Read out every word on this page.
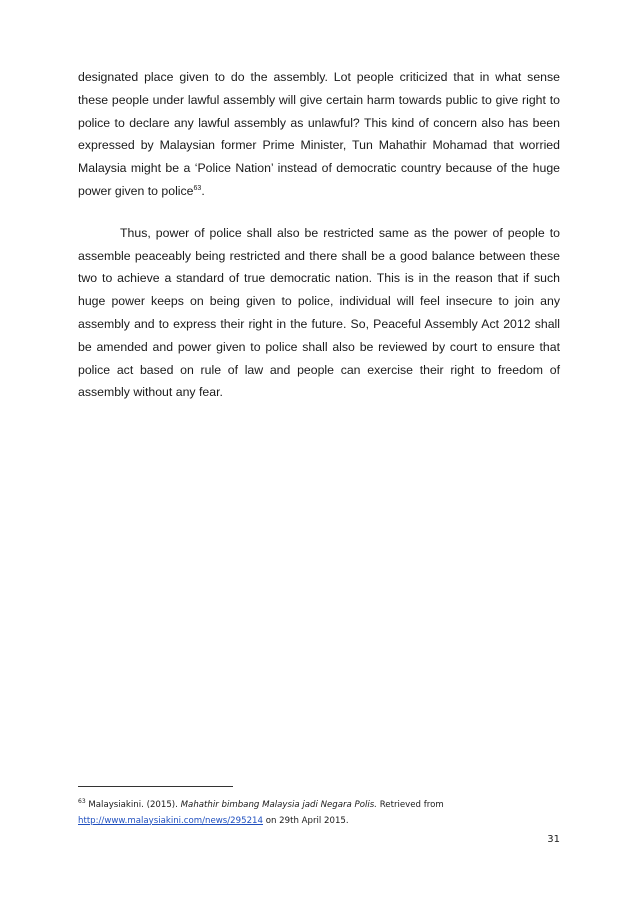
designated place given to do the assembly. Lot people criticized that in what sense these people under lawful assembly will give certain harm towards public to give right to police to declare any lawful assembly as unlawful? This kind of concern also has been expressed by Malaysian former Prime Minister, Tun Mahathir Mohamad that worried Malaysia might be a ‘Police Nation’ instead of democratic country because of the huge power given to police$^{63}$.

Thus, power of police shall also be restricted same as the power of people to assemble peaceably being restricted and there shall be a good balance between these two to achieve a standard of true democratic nation. This is in the reason that if such huge power keeps on being given to police, individual will feel insecure to join any assembly and to express their right in the future. So, Peaceful Assembly Act 2012 shall be amended and power given to police shall also be reviewed by court to ensure that police act based on rule of law and people can exercise their right to freedom of assembly without any fear.

$^{63}$ Malaysiakini. (2015). Mahathir bimbang Malaysia jadi Negara Polis. Retrieved from
http://www.malaysiakini.com/news/295214 on 29th April 2015.
31
